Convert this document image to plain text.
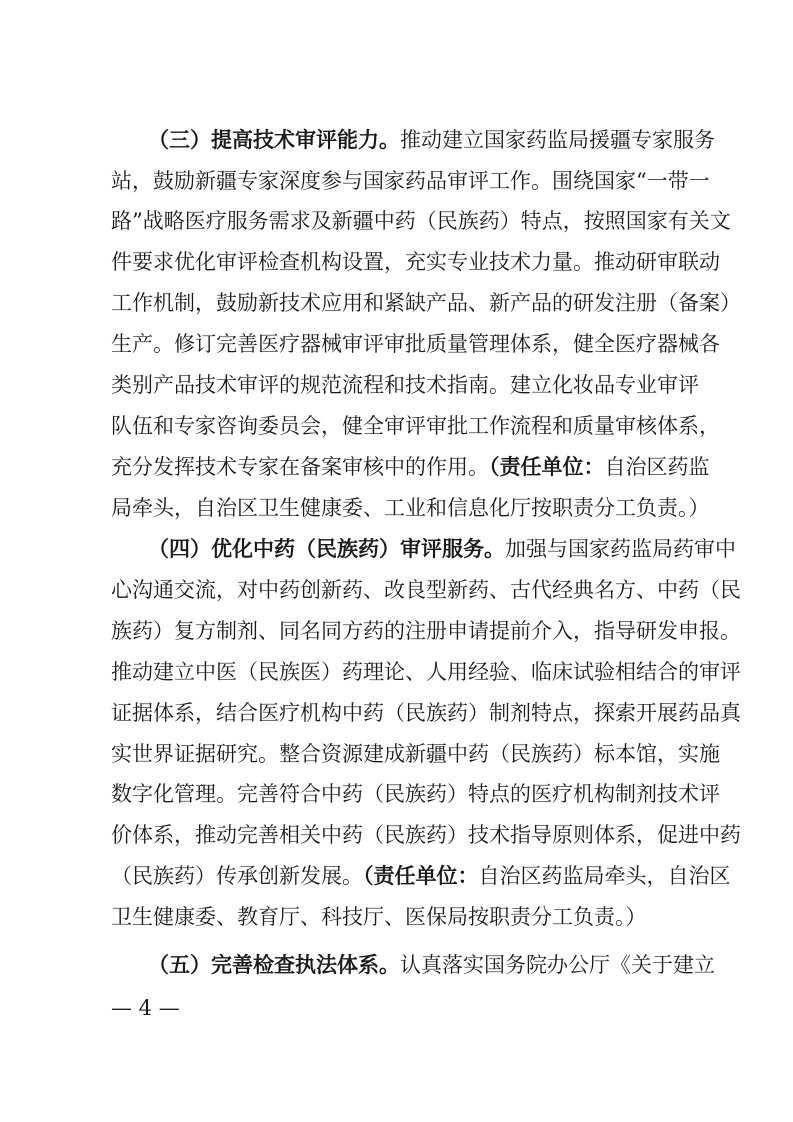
（三）提高技术审评能力。推动建立国家药监局援疆专家服务
站，鼓励新疆专家深度参与国家药品审评工作。围绕国家“一带一
路”战略医疗服务需求及新疆中药（民族药）特点，按照国家有关文
件要求优化审评检查机构设置，充实专业技术力量。推动研审联动
工作机制，鼓励新技术应用和紧缺产品、新产品的研发注册（备案）
生产。修订完善医疗器械审评审批质量管理体系，健全医疗器械各
类别产品技术审评的规范流程和技术指南。建立化妆品专业审评
队伍和专家咨询委员会，健全审评审批工作流程和质量审核体系，
充分发挥技术专家在备案审核中的作用。（责任单位：自治区药监
局牵头，自治区卫生健康委、工业和信息化厅按职责分工负责。）
（四）优化中药（民族药）审评服务。加强与国家药监局药审中
心沟通交流，对中药创新药、改良型新药、古代经典名方、中药（民
族药）复方制剂、同名同方药的注册申请提前介入，指导研发申报。
推动建立中医（民族医）药理论、人用经验、临床试验相结合的审评
证据体系，结合医疗机构中药（民族药）制剂特点，探索开展药品真
实世界证据研究。整合资源建成新疆中药（民族药）标本馆，实施
数字化管理。完善符合中药（民族药）特点的医疗机构制剂技术评
价体系，推动完善相关中药（民族药）技术指导原则体系，促进中药
（民族药）传承创新发展。（责任单位：自治区药监局牵头，自治区
卫生健康委、教育厅、科技厅、医保局按职责分工负责。）
（五）完善检查执法体系。认真落实国务院办公厅《关于建立
— 4 —
